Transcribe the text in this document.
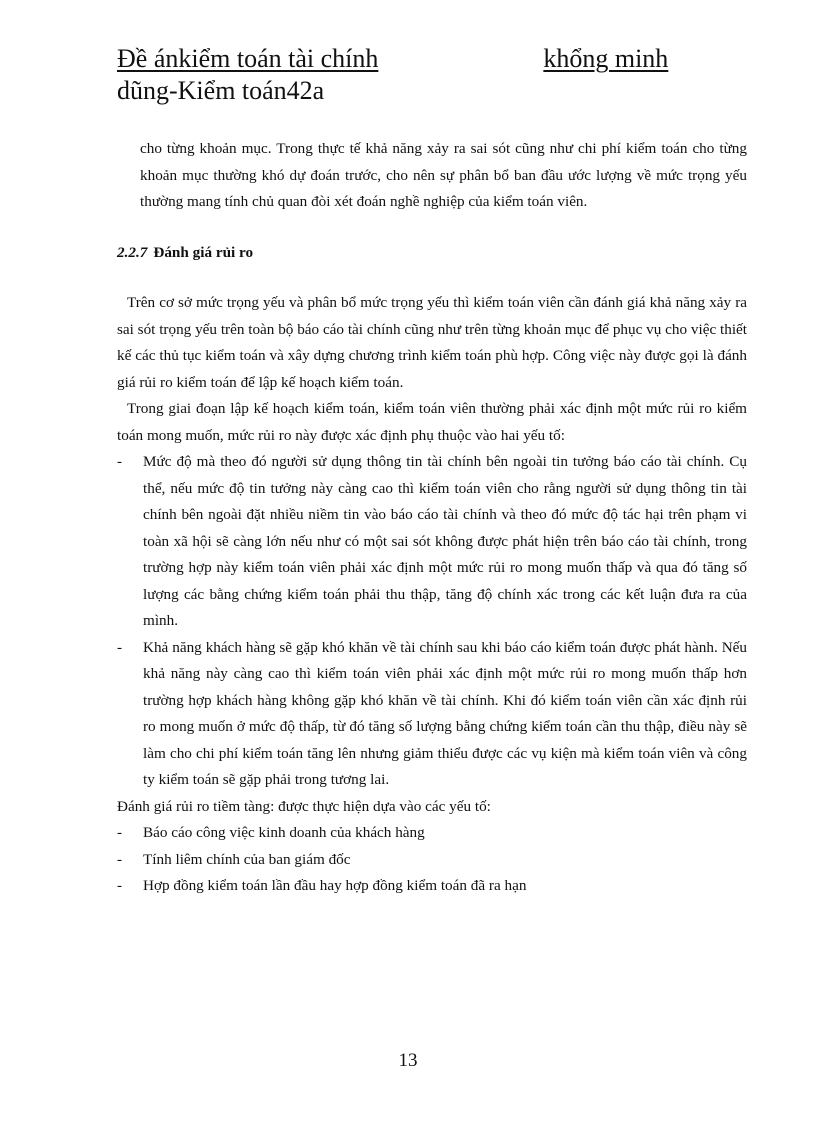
Đề ánkiểm toán tài chính	khổng minh
dũng-Kiểm toán42a

cho từng khoản mục. Trong thực tế khả năng xảy ra sai sót cũng như chi phí kiểm toán cho từng khoản mục thường khó dự đoán trước, cho nên sự phân bổ ban đầu ước lượng về mức trọng yếu thường mang tính chủ quan đòi xét đoán nghề nghiệp của kiểm toán viên.

2.2.7 Đánh giá rủi ro

Trên cơ sở mức trọng yếu và phân bổ mức trọng yếu thì kiểm toán viên cần đánh giá khả năng xảy ra sai sót trọng yếu trên toàn bộ báo cáo tài chính cũng như trên từng khoản mục để phục vụ cho việc thiết kế các thủ tục kiểm toán và xây dựng chương trình kiểm toán phù hợp. Công việc này được gọi là đánh giá rủi ro kiểm toán để lập kế hoạch kiểm toán.

Trong giai đoạn lập kế hoạch kiểm toán, kiểm toán viên thường phải xác định một mức rủi ro kiểm toán mong muốn, mức rủi ro này được xác định phụ thuộc vào hai yếu tố:

-	Mức độ mà theo đó người sử dụng thông tin tài chính bên ngoài tin tưởng báo cáo tài chính. Cụ thể, nếu mức độ tin tưởng này càng cao thì kiểm toán viên cho rằng người sử dụng thông tin tài chính bên ngoài đặt nhiều niềm tin vào báo cáo tài chính và theo đó mức độ tác hại trên phạm vi toàn xã hội sẽ càng lớn nếu như có một sai sót không được phát hiện trên báo cáo tài chính, trong trường hợp này kiểm toán viên phải xác định một mức rủi ro mong muốn thấp và qua đó tăng số lượng các bằng chứng kiểm toán phải thu thập, tăng độ chính xác trong các kết luận đưa ra của mình.
-	Khả năng khách hàng sẽ gặp khó khăn về tài chính sau khi báo cáo kiểm toán được phát hành. Nếu khả năng này càng cao thì kiểm toán viên phải xác định một mức rủi ro mong muốn thấp hơn trường hợp khách hàng không gặp khó khăn về tài chính. Khi đó kiểm toán viên cần xác định rủi ro mong muốn ở mức độ thấp, từ đó tăng số lượng bằng chứng kiểm toán cần thu thập, điều này sẽ làm cho chi phí kiểm toán tăng lên nhưng giảm thiểu được các vụ kiện mà kiểm toán viên và công ty kiểm toán sẽ gặp phải trong tương lai.

Đánh giá rủi ro tiềm tàng: được thực hiện dựa vào các yếu tố:

-	Báo cáo công việc kinh doanh của khách hàng
-	Tính liêm chính của ban giám đốc
-	Hợp đồng kiểm toán lần đầu hay hợp đồng kiểm toán đã ra hạn
13
